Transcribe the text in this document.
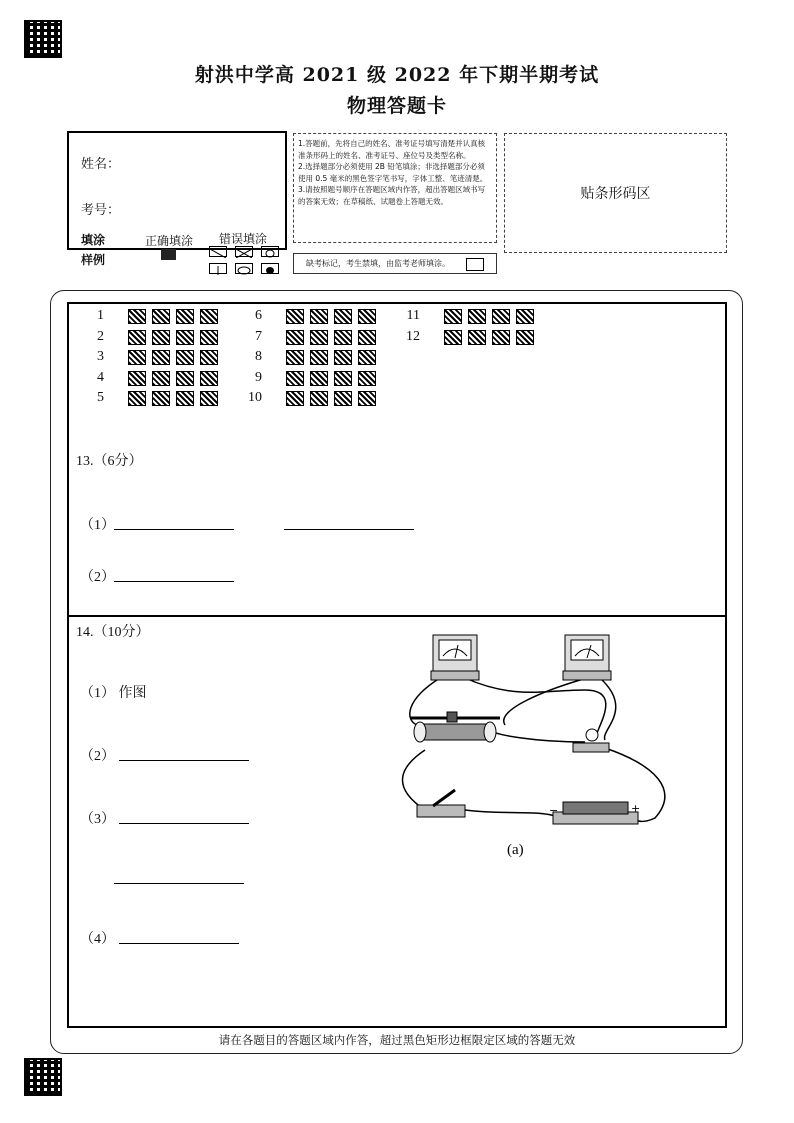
射洪中学高 2021 级 2022 年下期半期考试
物理答题卡
姓名：
考号：
填涂
样例
正确填涂 错误填涂
1.答题前，先将自己的姓名、准考证号填写清楚并认真核准条形码上的姓名、准考证号、座位号及类型名称。
2.选择题部分必须使用 2B 铅笔填涂；非选择题部分必须使用 0.5 毫米的黑色签字笔书写，字体工整、笔迹清楚。
3.请按照题号顺序在答题区域内作答，超出答题区域书写的答案无效；在草稿纸、试题卷上答题无效。	贴条形码区
缺考标记，考生禁填，由监考老师填涂。
1
2
3
4
5
6
7
8
9
10
11
12
13.（6分）
（1）
（2）
14.（10分）
（1） 作图
（2）
（3）
（4）
−	+
(a)
请在各题目的答题区域内作答，超过黑色矩形边框限定区域的答题无效
